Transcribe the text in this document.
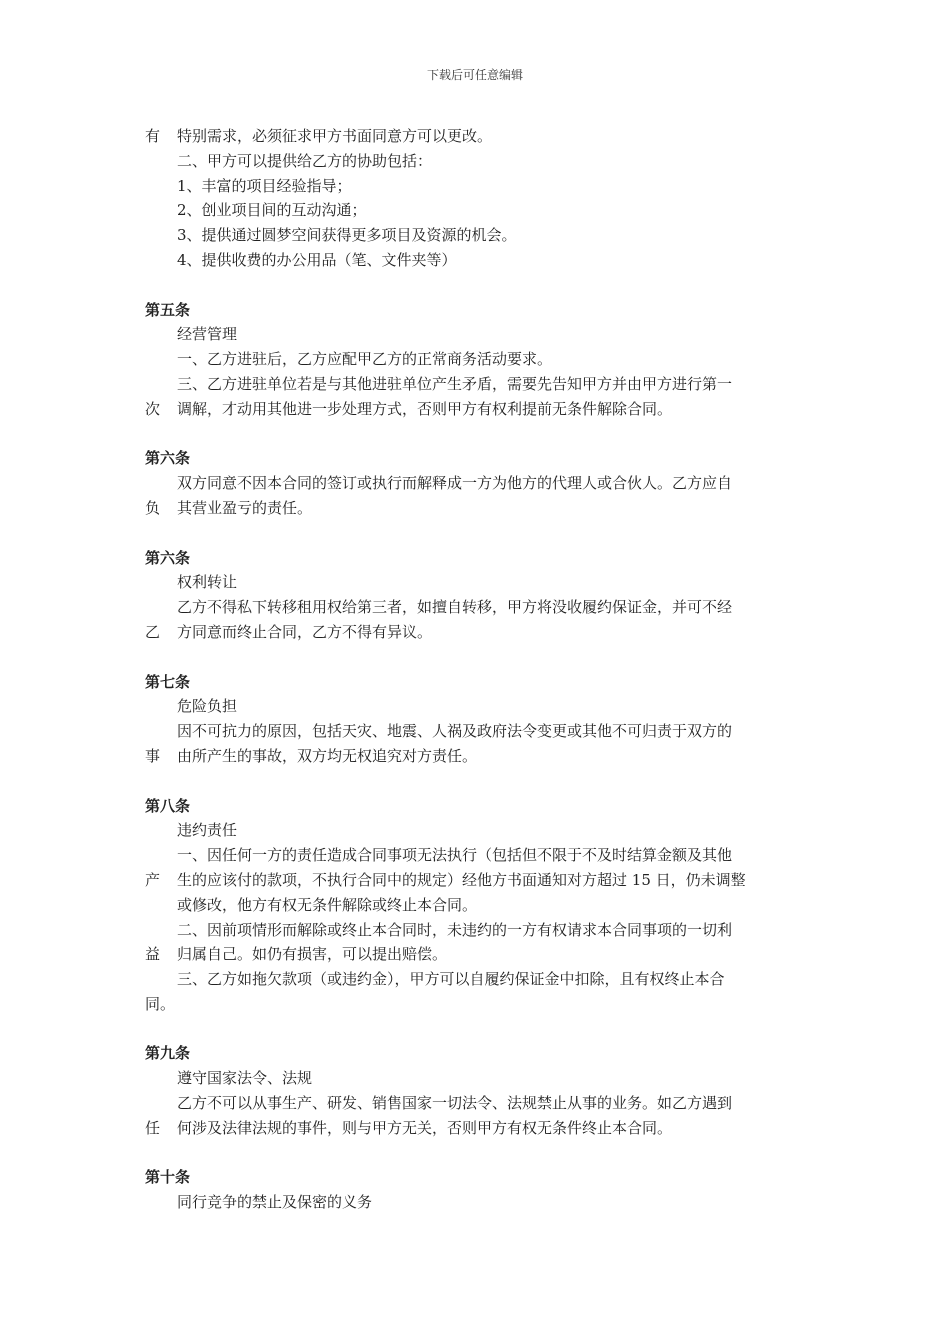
下载后可任意编辑
有 特别需求，必须征求甲方书面同意方可以更改。
二、甲方可以提供给乙方的协助包括：
1、丰富的项目经验指导；
2、创业项目间的互动沟通；
3、提供通过圆梦空间获得更多项目及资源的机会。
4、提供收费的办公用品（笔、文件夹等）
第五条
经营管理
一、乙方进驻后，乙方应配甲乙方的正常商务活动要求。
三、乙方进驻单位若是与其他进驻单位产生矛盾，需要先告知甲方并由甲方进行第一
次 调解，才动用其他进一步处理方式，否则甲方有权利提前无条件解除合同。
第六条
双方同意不因本合同的签订或执行而解释成一方为他方的代理人或合伙人。乙方应自
负 其营业盈亏的责任。
第六条
权利转让
乙方不得私下转移租用权给第三者，如擅自转移，甲方将没收履约保证金，并可不经
乙 方同意而终止合同，乙方不得有异议。
第七条
危险负担
因不可抗力的原因，包括天灾、地震、人祸及政府法令变更或其他不可归责于双方的
事 由所产生的事故，双方均无权追究对方责任。
第八条
违约责任
一、因任何一方的责任造成合同事项无法执行（包括但不限于不及时结算金额及其他
产 生的应该付的款项，不执行合同中的规定）经他方书面通知对方超过 15 日，仍未调整
或修改，他方有权无条件解除或终止本合同。
二、因前项情形而解除或终止本合同时，未违约的一方有权请求本合同事项的一切利
益 归属自己。如仍有损害，可以提出赔偿。
三、乙方如拖欠款项（或违约金），甲方可以自履约保证金中扣除，且有权终止本合
同。
第九条
遵守国家法令、法规
乙方不可以从事生产、研发、销售国家一切法令、法规禁止从事的业务。如乙方遇到
任 何涉及法律法规的事件，则与甲方无关，否则甲方有权无条件终止本合同。
第十条
同行竞争的禁止及保密的义务
